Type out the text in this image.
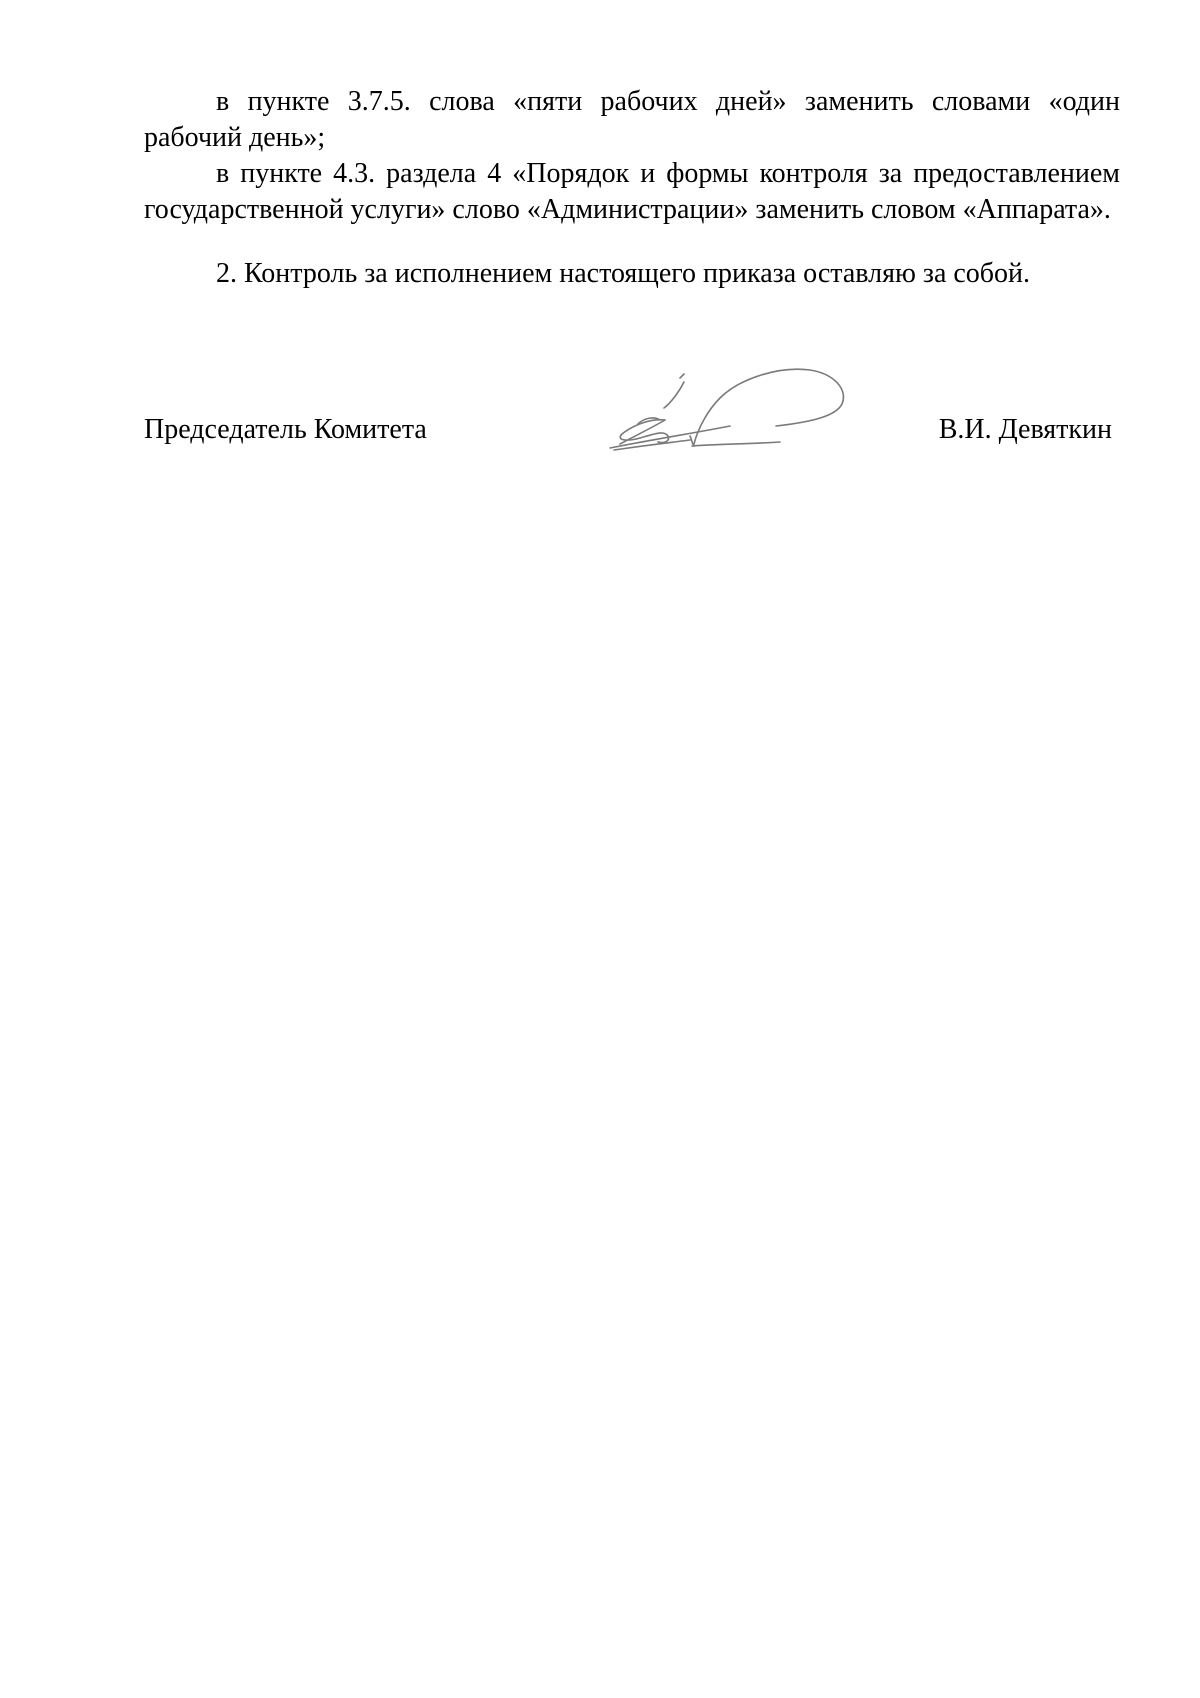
в пункте 3.7.5. слова «пяти рабочих дней» заменить словами «один рабочий день»;

в пункте 4.3. раздела 4 «Порядок и формы контроля за предоставлением государственной услуги» слово «Администрации» заменить словом «Аппарата».

2. Контроль за исполнением настоящего приказа оставляю за собой.

Председатель Комитета	В.И. Девяткин
